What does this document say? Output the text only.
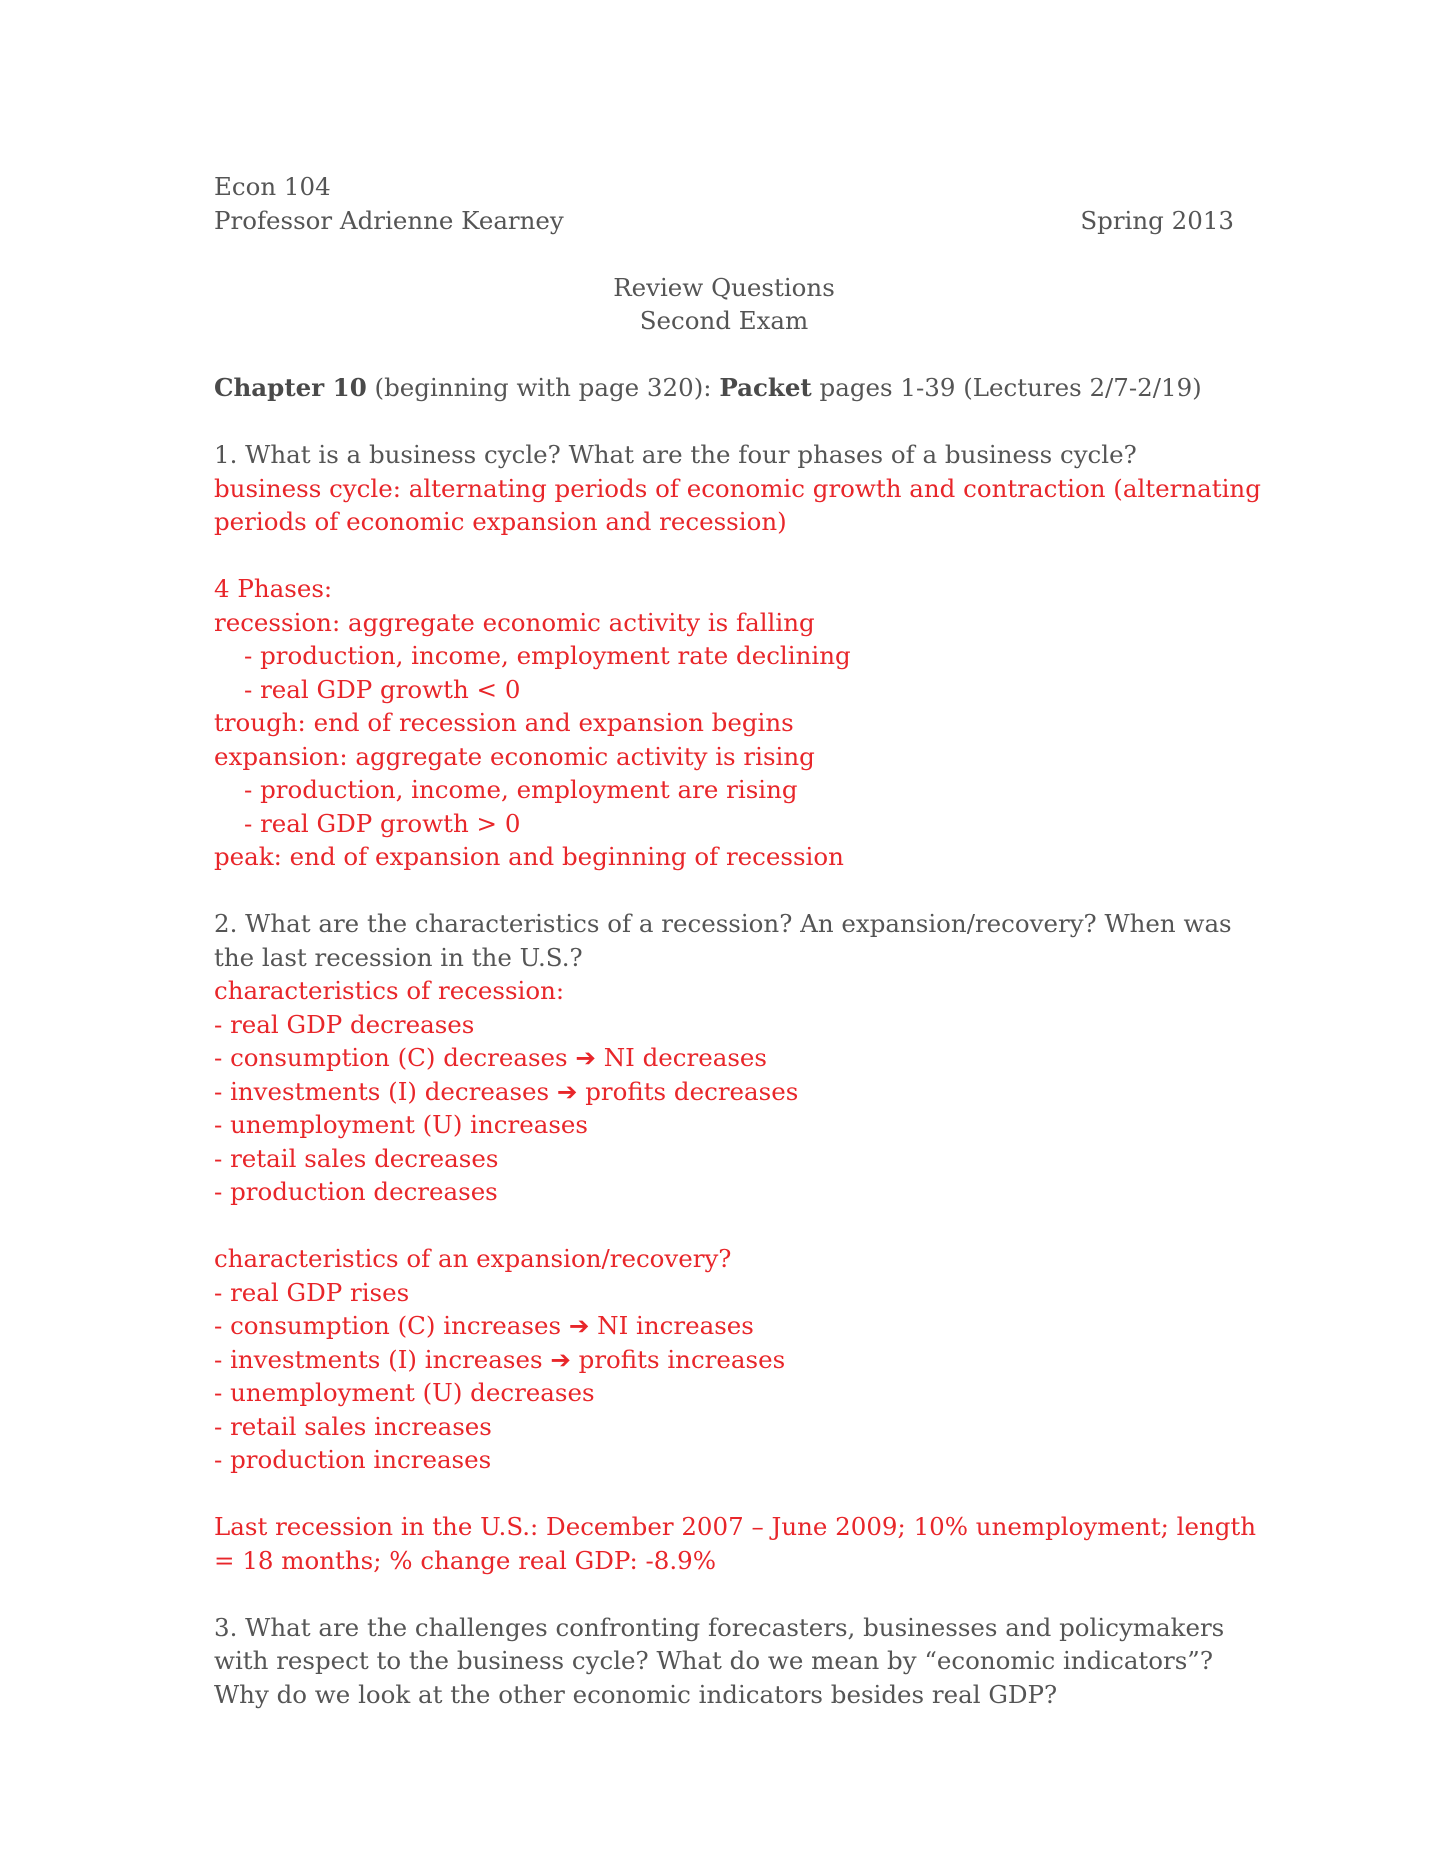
Econ 104
Professor Adrienne Kearney	Spring 2013
Review Questions
Second Exam
Chapter 10 (beginning with page 320): Packet pages 1-39 (Lectures 2/7-2/19)
1. What is a business cycle? What are the four phases of a business cycle?
business cycle: alternating periods of economic growth and contraction (alternating
periods of economic expansion and recession)
4 Phases:
recession: aggregate economic activity is falling
- production, income, employment rate declining
- real GDP growth < 0
trough: end of recession and expansion begins
expansion: aggregate economic activity is rising
- production, income, employment are rising
- real GDP growth > 0
peak: end of expansion and beginning of recession
2. What are the characteristics of a recession? An expansion/recovery? When was
the last recession in the U.S.?
characteristics of recession:
- real GDP decreases
- consumption (C) decreases ➔ NI decreases
- investments (I) decreases ➔ profits decreases
- unemployment (U) increases
- retail sales decreases
- production decreases
characteristics of an expansion/recovery?
- real GDP rises
- consumption (C) increases ➔ NI increases
- investments (I) increases ➔ profits increases
- unemployment (U) decreases
- retail sales increases
- production increases
Last recession in the U.S.: December 2007 – June 2009; 10% unemployment; length
= 18 months; % change real GDP: -8.9%
3. What are the challenges confronting forecasters, businesses and policymakers
with respect to the business cycle? What do we mean by “economic indicators”?
Why do we look at the other economic indicators besides real GDP?
